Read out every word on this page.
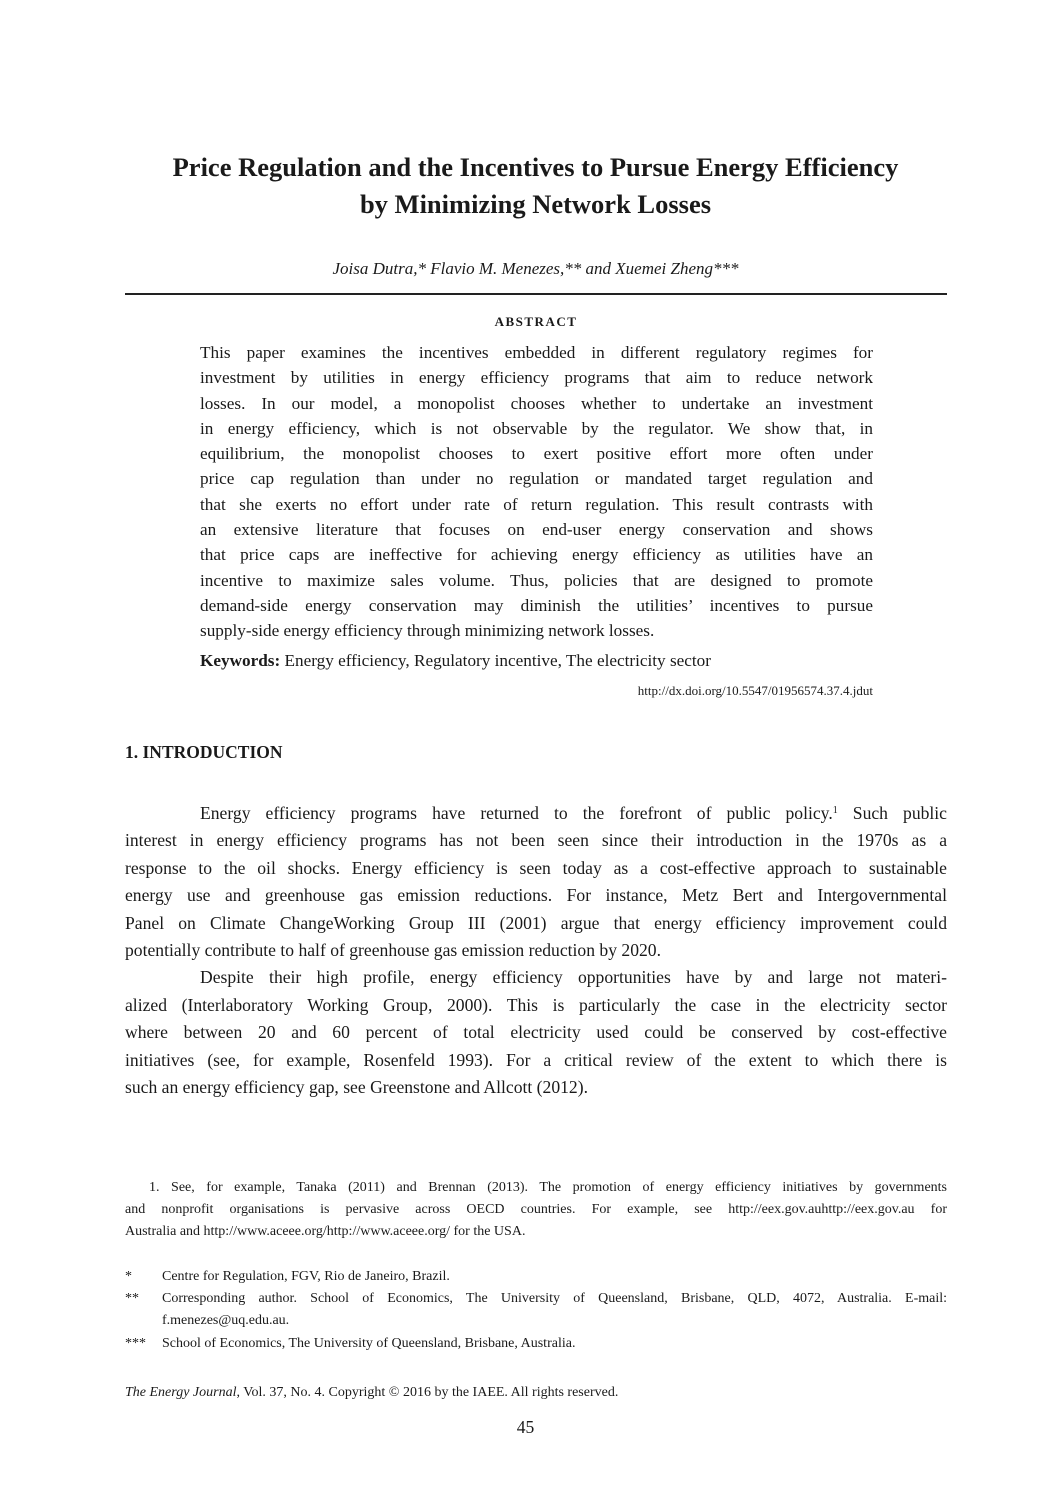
Price Regulation and the Incentives to Pursue Energy Efficiency
by Minimizing Network Losses
Joisa Dutra,* Flavio M. Menezes,** and Xuemei Zheng***
ABSTRACT
This paper examines the incentives embedded in different regulatory regimes for
investment by utilities in energy efficiency programs that aim to reduce network
losses. In our model, a monopolist chooses whether to undertake an investment
in energy efficiency, which is not observable by the regulator. We show that, in
equilibrium, the monopolist chooses to exert positive effort more often under
price cap regulation than under no regulation or mandated target regulation and
that she exerts no effort under rate of return regulation. This result contrasts with
an extensive literature that focuses on end-user energy conservation and shows
that price caps are ineffective for achieving energy efficiency as utilities have an
incentive to maximize sales volume. Thus, policies that are designed to promote
demand-side energy conservation may diminish the utilities’ incentives to pursue
supply-side energy efficiency through minimizing network losses.
Keywords: Energy efficiency, Regulatory incentive, The electricity sector
http://dx.doi.org/10.5547/01956574.37.4.jdut
1. INTRODUCTION
Energy efficiency programs have returned to the forefront of public policy.$^1$ Such public
interest in energy efficiency programs has not been seen since their introduction in the 1970s as a
response to the oil shocks. Energy efficiency is seen today as a cost-effective approach to sustainable
energy use and greenhouse gas emission reductions. For instance, Metz Bert and Intergovernmental
Panel on Climate ChangeWorking Group III (2001) argue that energy efficiency improvement could
potentially contribute to half of greenhouse gas emission reduction by 2020.
Despite their high profile, energy efficiency opportunities have by and large not materi-
alized (Interlaboratory Working Group, 2000). This is particularly the case in the electricity sector
where between 20 and 60 percent of total electricity used could be conserved by cost-effective
initiatives (see, for example, Rosenfeld 1993). For a critical review of the extent to which there is
such an energy efficiency gap, see Greenstone and Allcott (2012).
1. See, for example, Tanaka (2011) and Brennan (2013). The promotion of energy efficiency initiatives by governments
and nonprofit organisations is pervasive across OECD countries. For example, see http://eex.gov.auhttp://eex.gov.au for
Australia and http://www.aceee.org/http://www.aceee.org/ for the USA.
*	Centre for Regulation, FGV, Rio de Janeiro, Brazil.
**	Corresponding author. School of Economics, The University of Queensland, Brisbane, QLD, 4072, Australia. E-mail:
f.menezes@uq.edu.au.
***	School of Economics, The University of Queensland, Brisbane, Australia.
The Energy Journal, Vol. 37, No. 4. Copyright © 2016 by the IAEE. All rights reserved.
45
